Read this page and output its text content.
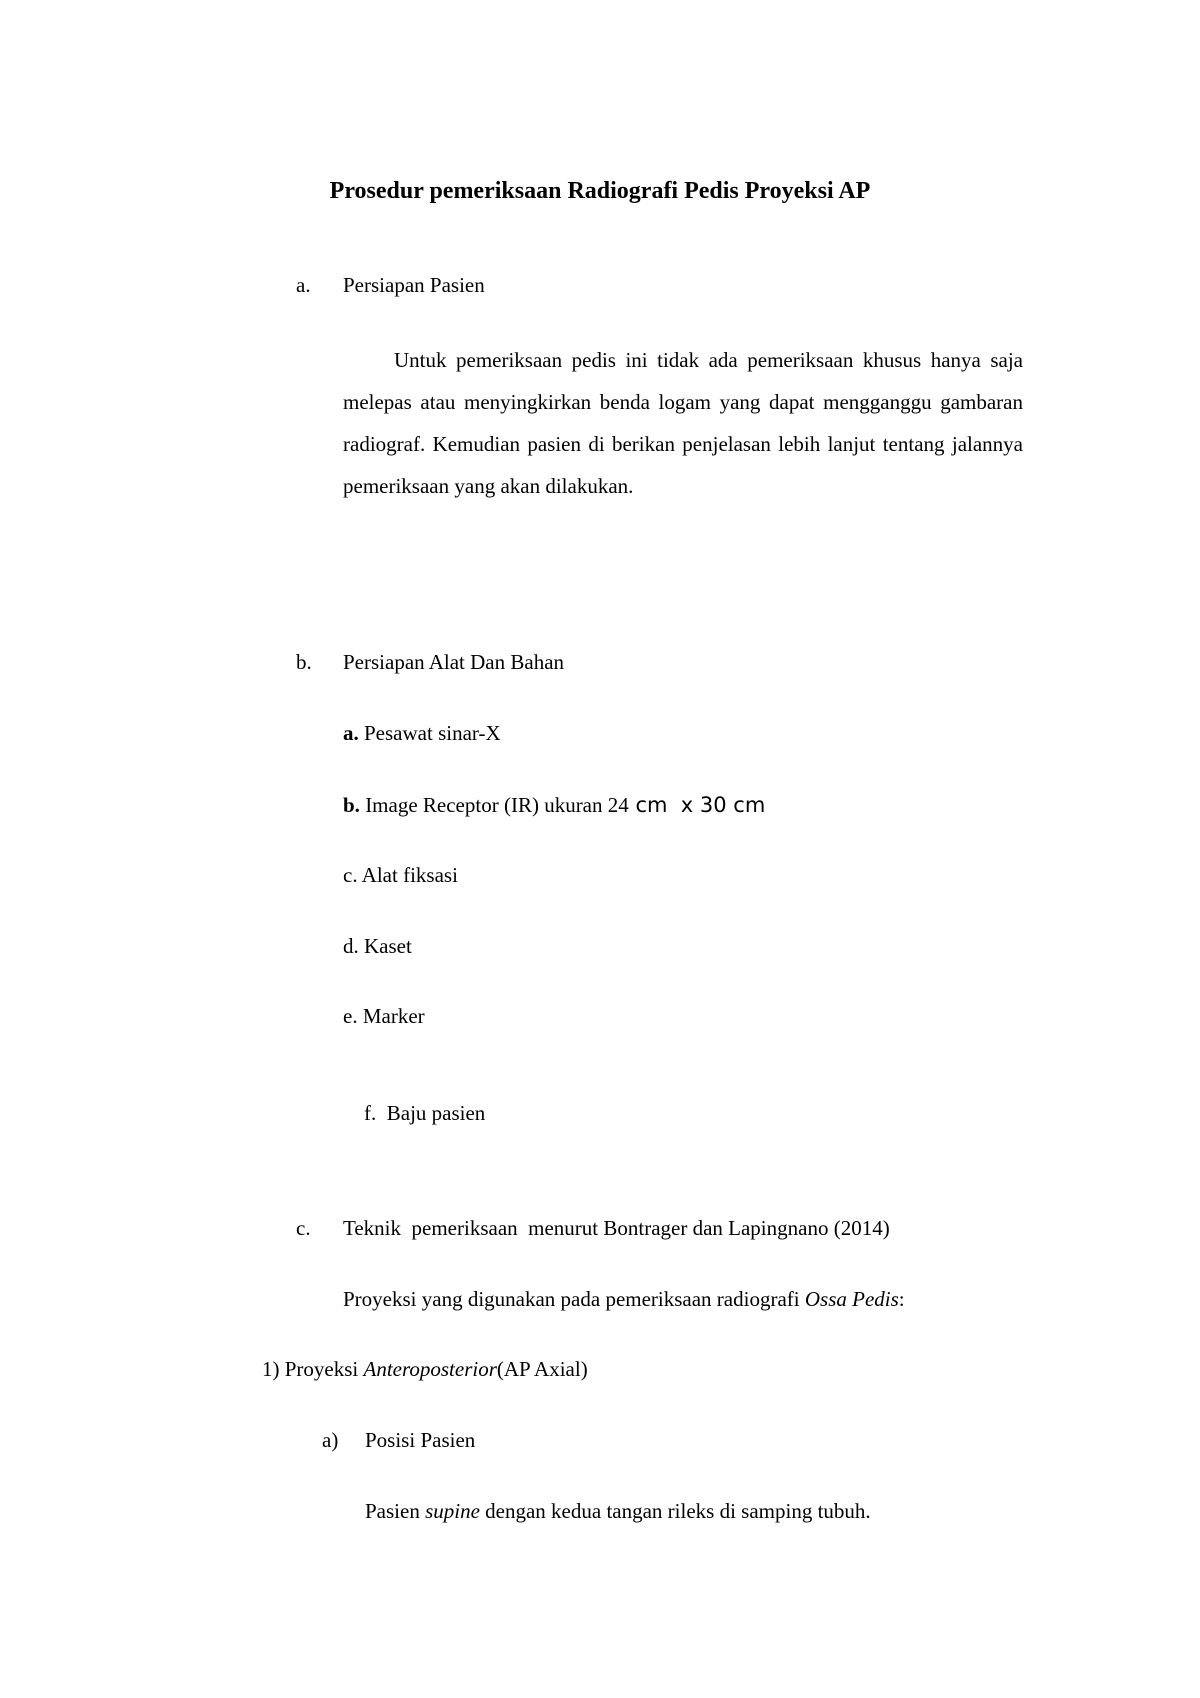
Prosedur pemeriksaan Radiografi Pedis Proyeksi AP
a. Persiapan Pasien
Untuk pemeriksaan pedis ini tidak ada pemeriksaan khusus hanya saja melepas atau menyingkirkan benda logam yang dapat mengganggu gambaran radiograf. Kemudian pasien di berikan penjelasan lebih lanjut tentang jalannya pemeriksaan yang akan dilakukan.
b. Persiapan Alat Dan Bahan
a. Pesawat sinar-X
b. Image Receptor (IR) ukuran 24 cm  x 30 cm
c. Alat fiksasi
d. Kaset
e. Marker

f.  Baju pasien

c. Teknik  pemeriksaan  menurut Bontrager dan Lapingnano (2014)
Proyeksi yang digunakan pada pemeriksaan radiografi Ossa Pedis:
1) Proyeksi Anteroposterior(AP Axial)
a) Posisi Pasien
Pasien supine dengan kedua tangan rileks di samping tubuh.
